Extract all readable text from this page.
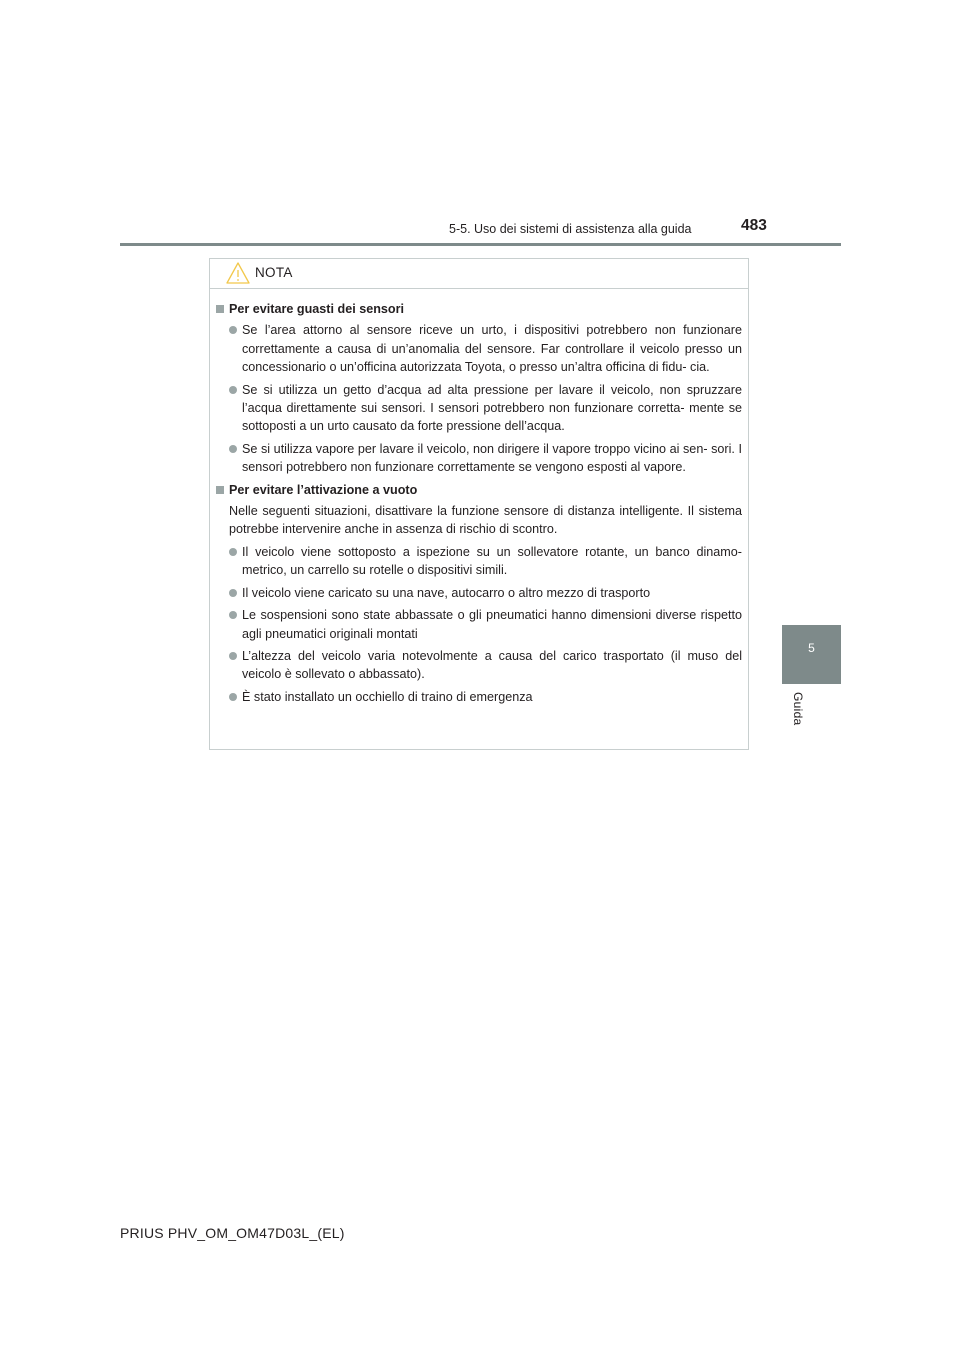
5-5. Uso dei sistemi di assistenza alla guida	483
5
Guida
NOTA
Per evitare guasti dei sensori
Se l’area attorno al sensore riceve un urto, i dispositivi potrebbero non funzionare correttamente a causa di un’anomalia del sensore. Far controllare il veicolo presso un concessionario o un’officina autorizzata Toyota, o presso un’altra officina di fidu- cia.
Se si utilizza un getto d’acqua ad alta pressione per lavare il veicolo, non spruzzare l’acqua direttamente sui sensori. I sensori potrebbero non funzionare corretta- mente se sottoposti a un urto causato da forte pressione dell’acqua.
Se si utilizza vapore per lavare il veicolo, non dirigere il vapore troppo vicino ai sen- sori. I sensori potrebbero non funzionare correttamente se vengono esposti al vapore.
Per evitare l’attivazione a vuoto
Nelle seguenti situazioni, disattivare la funzione sensore di distanza intelligente. Il sistema potrebbe intervenire anche in assenza di rischio di scontro.
Il veicolo viene sottoposto a ispezione su un sollevatore rotante, un banco dinamo- metrico, un carrello su rotelle o dispositivi simili.
Il veicolo viene caricato su una nave, autocarro o altro mezzo di trasporto
Le sospensioni sono state abbassate o gli pneumatici hanno dimensioni diverse rispetto agli pneumatici originali montati
L’altezza del veicolo varia notevolmente a causa del carico trasportato (il muso del veicolo è sollevato o abbassato).
È stato installato un occhiello di traino di emergenza
PRIUS PHV_OM_OM47D03L_(EL)
